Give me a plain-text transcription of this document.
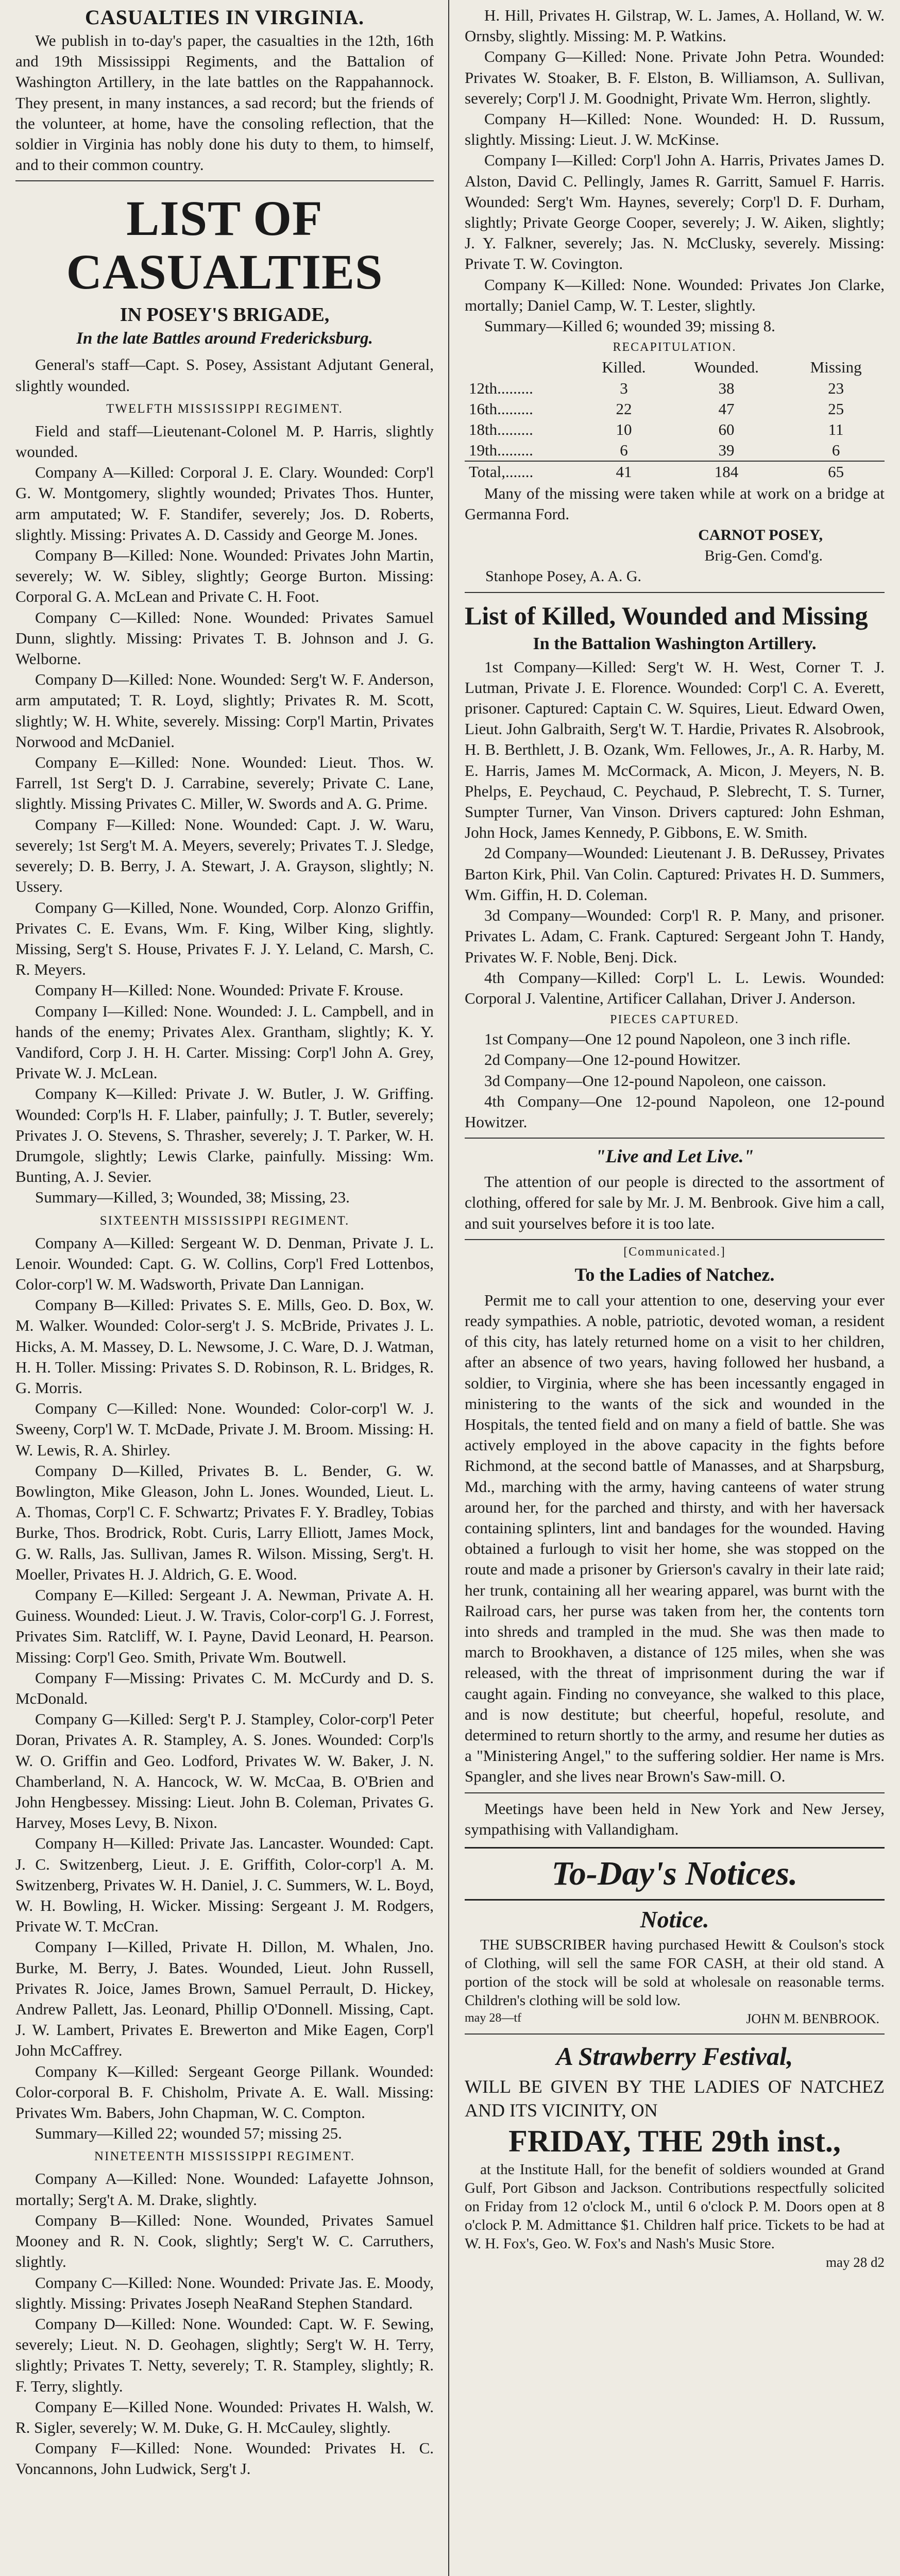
CASUALTIES IN VIRGINIA.

We publish in to-day's paper, the casualties in the 12th, 16th and 19th Mississippi Regiments, and the Battalion of Washington Artillery, in the late battles on the Rappahannock. They present, in many instances, a sad record; but the friends of the volunteer, at home, have the consoling reflection, that the soldier in Virginia has nobly done his duty to them, to himself, and to their common country.

LIST OF CASUALTIES
IN POSEY'S BRIGADE,
In the late Battles around Fredericksburg.

General's staff—Capt. S. Posey, Assistant Adjutant General, slightly wounded.

TWELFTH MISSISSIPPI REGIMENT.

Field and staff—Lieutenant-Colonel M. P. Harris, slightly wounded.

Company A—Killed: Corporal J. E. Clary. Wounded: Corp'l G. W. Montgomery, slightly wounded; Privates Thos. Hunter, arm amputated; W. F. Standifer, severely; Jos. D. Roberts, slightly. Missing: Privates A. D. Cassidy and George M. Jones.

Company B—Killed: None. Wounded: Privates John Martin, severely; W. W. Sibley, slightly; George Burton. Missing: Corporal G. A. McLean and Private C. H. Foot.

Company C—Killed: None. Wounded: Privates Samuel Dunn, slightly. Missing: Privates T. B. Johnson and J. G. Welborne.

Company D—Killed: None. Wounded: Serg't W. F. Anderson, arm amputated; T. R. Loyd, slightly; Privates R. M. Scott, slightly; W. H. White, severely. Missing: Corp'l Martin, Privates Norwood and McDaniel.

Company E—Killed: None. Wounded: Lieut. Thos. W. Farrell, 1st Serg't D. J. Carrabine, severely; Private C. Lane, slightly. Missing Privates C. Miller, W. Swords and A. G. Prime.

Company F—Killed: None. Wounded: Capt. J. W. Waru, severely; 1st Serg't M. A. Meyers, severely; Privates T. J. Sledge, severely; D. B. Berry, J. A. Stewart, J. A. Grayson, slightly; N. Ussery.

Company G—Killed, None. Wounded, Corp. Alonzo Griffin, Privates C. E. Evans, Wm. F. King, Wilber King, slightly. Missing, Serg't S. House, Privates F. J. Y. Leland, C. Marsh, C. R. Meyers.

Company H—Killed: None. Wounded: Private F. Krouse.

Company I—Killed: None. Wounded: J. L. Campbell, and in hands of the enemy; Privates Alex. Grantham, slightly; K. Y. Vandiford, Corp J. H. H. Carter. Missing: Corp'l John A. Grey, Private W. J. McLean.

Company K—Killed: Private J. W. Butler, J. W. Griffing. Wounded: Corp'ls H. F. Llaber, painfully; J. T. Butler, severely; Privates J. O. Stevens, S. Thrasher, severely; J. T. Parker, W. H. Drumgole, slightly; Lewis Clarke, painfully. Missing: Wm. Bunting, A. J. Sevier.

Summary—Killed, 3; Wounded, 38; Missing, 23.

SIXTEENTH MISSISSIPPI REGIMENT.

Company A—Killed: Sergeant W. D. Denman, Private J. L. Lenoir. Wounded: Capt. G. W. Collins, Corp'l Fred Lottenbos, Color-corp'l W. M. Wadsworth, Private Dan Lannigan.

Company B—Killed: Privates S. E. Mills, Geo. D. Box, W. M. Walker. Wounded: Color-serg't J. S. McBride, Privates J. L. Hicks, A. M. Massey, D. L. Newsome, J. C. Ware, D. J. Watman, H. H. Toller. Missing: Privates S. D. Robinson, R. L. Bridges, R. G. Morris.

Company C—Killed: None. Wounded: Color-corp'l W. J. Sweeny, Corp'l W. T. McDade, Private J. M. Broom. Missing: H. W. Lewis, R. A. Shirley.

Company D—Killed, Privates B. L. Bender, G. W. Bowlington, Mike Gleason, John L. Jones. Wounded, Lieut. L. A. Thomas, Corp'l C. F. Schwartz; Privates F. Y. Bradley, Tobias Burke, Thos. Brodrick, Robt. Curis, Larry Elliott, James Mock, G. W. Ralls, Jas. Sullivan, James R. Wilson. Missing, Serg't. H. Moeller, Privates H. J. Aldrich, G. E. Wood.

Company E—Killed: Sergeant J. A. Newman, Private A. H. Guiness. Wounded: Lieut. J. W. Travis, Color-corp'l G. J. Forrest, Privates Sim. Ratcliff, W. I. Payne, David Leonard, H. Pearson. Missing: Corp'l Geo. Smith, Private Wm. Boutwell.

Company F—Missing: Privates C. M. McCurdy and D. S. McDonald.

Company G—Killed: Serg't P. J. Stampley, Color-corp'l Peter Doran, Privates A. R. Stampley, A. S. Jones. Wounded: Corp'ls W. O. Griffin and Geo. Lodford, Privates W. W. Baker, J. N. Chamberland, N. A. Hancock, W. W. McCaa, B. O'Brien and John Hengbessey. Missing: Lieut. John B. Coleman, Privates G. Harvey, Moses Levy, B. Nixon.

Company H—Killed: Private Jas. Lancaster. Wounded: Capt. J. C. Switzenberg, Lieut. J. E. Griffith, Color-corp'l A. M. Switzenberg, Privates W. H. Daniel, J. C. Summers, W. L. Boyd, W. H. Bowling, H. Wicker. Missing: Sergeant J. M. Rodgers, Private W. T. McCran.

Company I—Killed, Private H. Dillon, M. Whalen, Jno. Burke, M. Berry, J. Bates. Wounded, Lieut. John Russell, Privates R. Joice, James Brown, Samuel Perrault, D. Hickey, Andrew Pallett, Jas. Leonard, Phillip O'Donnell. Missing, Capt. J. W. Lambert, Privates E. Brewerton and Mike Eagen, Corp'l John McCaffrey.

Company K—Killed: Sergeant George Pillank. Wounded: Color-corporal B. F. Chisholm, Private A. E. Wall. Missing: Privates Wm. Babers, John Chapman, W. C. Compton.

Summary—Killed 22; wounded 57; missing 25.

NINETEENTH MISSISSIPPI REGIMENT.

Company A—Killed: None. Wounded: Lafayette Johnson, mortally; Serg't A. M. Drake, slightly.

Company B—Killed: None. Wounded, Privates Samuel Mooney and R. N. Cook, slightly; Serg't W. C. Carruthers, slightly.

Company C—Killed: None. Wounded: Private Jas. E. Moody, slightly. Missing: Privates Joseph NeaRand Stephen Standard.

Company D—Killed: None. Wounded: Capt. W. F. Sewing, severely; Lieut. N. D. Geohagen, slightly; Serg't W. H. Terry, slightly; Privates T. Netty, severely; T. R. Stampley, slightly; R. F. Terry, slightly.

Company E—Killed None. Wounded: Privates H. Walsh, W. R. Sigler, severely; W. M. Duke, G. H. McCauley, slightly.

Company F—Killed: None. Wounded: Privates H. C. Voncannons, John Ludwick, Serg't J.

H. Hill, Privates H. Gilstrap, W. L. James, A. Holland, W. W. Ornsby, slightly. Missing: M. P. Watkins.

Company G—Killed: None. Private John Petra. Wounded: Privates W. Stoaker, B. F. Elston, B. Williamson, A. Sullivan, severely; Corp'l J. M. Goodnight, Private Wm. Herron, slightly.

Company H—Killed: None. Wounded: H. D. Russum, slightly. Missing: Lieut. J. W. McKinse.

Company I—Killed: Corp'l John A. Harris, Privates James D. Alston, David C. Pellingly, James R. Garritt, Samuel F. Harris. Wounded: Serg't Wm. Haynes, severely; Corp'l D. F. Durham, slightly; Private George Cooper, severely; J. W. Aiken, slightly; J. Y. Falkner, severely; Jas. N. McClusky, severely. Missing: Private T. W. Covington.

Company K—Killed: None. Wounded: Privates Jon Clarke, mortally; Daniel Camp, W. T. Lester, slightly.

Summary—Killed 6; wounded 39; missing 8.

RECAPITULATION.
	Killed.	Wounded.	Missing
12th.........	3	38	23
16th.........	22	47	25
18th.........	10	60	11
19th.........	6	39	6
Total,.......	41	184	65

Many of the missing were taken while at work on a bridge at Germanna Ford.

CARNOT POSEY,
Brig-Gen. Comd'g.
Stanhope Posey, A. A. G.
List of Killed, Wounded and Missing
In the Battalion Washington Artillery.

1st Company—Killed: Serg't W. H. West, Corner T. J. Lutman, Private J. E. Florence. Wounded: Corp'l C. A. Everett, prisoner. Captured: Captain C. W. Squires, Lieut. Edward Owen, Lieut. John Galbraith, Serg't W. T. Hardie, Privates R. Alsobrook, H. B. Berthlett, J. B. Ozank, Wm. Fellowes, Jr., A. R. Harby, M. E. Harris, James M. McCormack, A. Micon, J. Meyers, N. B. Phelps, E. Peychaud, C. Peychaud, P. Slebrecht, T. S. Turner, Sumpter Turner, Van Vinson. Drivers captured: John Eshman, John Hock, James Kennedy, P. Gibbons, E. W. Smith.

2d Company—Wounded: Lieutenant J. B. DeRussey, Privates Barton Kirk, Phil. Van Colin. Captured: Privates H. D. Summers, Wm. Giffin, H. D. Coleman.

3d Company—Wounded: Corp'l R. P. Many, and prisoner. Privates L. Adam, C. Frank. Captured: Sergeant John T. Handy, Privates W. F. Noble, Benj. Dick.

4th Company—Killed: Corp'l L. L. Lewis. Wounded: Corporal J. Valentine, Artificer Callahan, Driver J. Anderson.

PIECES CAPTURED.

1st Company—One 12 pound Napoleon, one 3 inch rifle.

2d Company—One 12-pound Howitzer.

3d Company—One 12-pound Napoleon, one caisson.

4th Company—One 12-pound Napoleon, one 12-pound Howitzer.

"Live and Let Live."

The attention of our people is directed to the assortment of clothing, offered for sale by Mr. J. M. Benbrook. Give him a call, and suit yourselves before it is too late.

[Communicated.]
To the Ladies of Natchez.

Permit me to call your attention to one, deserving your ever ready sympathies. A noble, patriotic, devoted woman, a resident of this city, has lately returned home on a visit to her children, after an absence of two years, having followed her husband, a soldier, to Virginia, where she has been incessantly engaged in ministering to the wants of the sick and wounded in the Hospitals, the tented field and on many a field of battle. She was actively employed in the above capacity in the fights before Richmond, at the second battle of Manasses, and at Sharpsburg, Md., marching with the army, having canteens of water strung around her, for the parched and thirsty, and with her haversack containing splinters, lint and bandages for the wounded. Having obtained a furlough to visit her home, she was stopped on the route and made a prisoner by Grierson's cavalry in their late raid; her trunk, containing all her wearing apparel, was burnt with the Railroad cars, her purse was taken from her, the contents torn into shreds and trampled in the mud. She was then made to march to Brookhaven, a distance of 125 miles, when she was released, with the threat of imprisonment during the war if caught again. Finding no conveyance, she walked to this place, and is now destitute; but cheerful, hopeful, resolute, and determined to return shortly to the army, and resume her duties as a "Ministering Angel," to the suffering soldier. Her name is Mrs. Spangler, and she lives near Brown's Saw-mill. O.

Meetings have been held in New York and New Jersey, sympathising with Vallandigham.

To-Day's Notices.
Notice.

THE SUBSCRIBER having purchased Hewitt & Coulson's stock of Clothing, will sell the same FOR CASH, at their old stand. A portion of the stock will be sold at wholesale on reasonable terms. Children's clothing will be sold low.

may 28—tf	JOHN M. BENBROOK.
A Strawberry Festival,

WILL BE GIVEN BY THE LADIES OF NATCHEZ AND ITS VICINITY, ON

FRIDAY, THE 29th inst.,

at the Institute Hall, for the benefit of soldiers wounded at Grand Gulf, Port Gibson and Jackson. Contributions respectfully solicited on Friday from 12 o'clock M., until 6 o'clock P. M. Doors open at 8 o'clock P. M. Admittance $1. Children half price. Tickets to be had at W. H. Fox's, Geo. W. Fox's and Nash's Music Store.

may 28 d2
